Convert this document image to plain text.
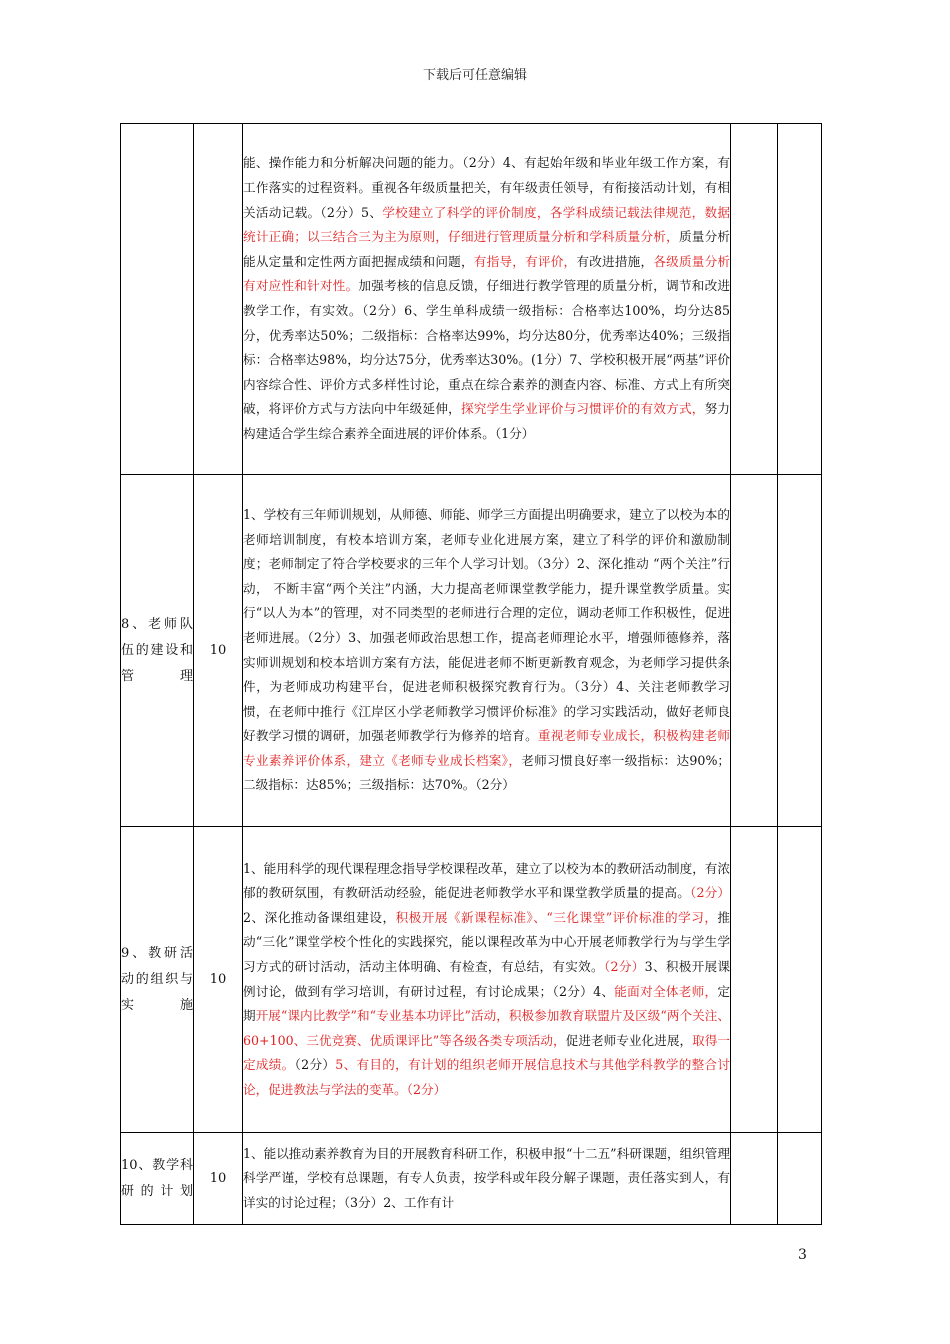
下载后可任意编辑
		能、操作能力和分析解决问题的能力。（2分）4、有起始年级和毕业年级工作方案，有工作落实的过程资料。重视各年级质量把关，有年级责任领导，有衔接活动计划，有相关活动记载。（2分）5、学校建立了科学的评价制度，各学科成绩记载法律规范，数据统计正确；以三结合三为主为原则，仔细进行管理质量分析和学科质量分析，质量分析能从定量和定性两方面把握成绩和问题，有指导，有评价，有改进措施，各级质量分析有对应性和针对性。加强考核的信息反馈，仔细进行教学管理的质量分析，调节和改进教学工作，有实效。（2分）6、学生单科成绩一级指标：合格率达100%，均分达85分，优秀率达50%；二级指标：合格率达99%，均分达80分，优秀率达40%；三级指标：合格率达98%，均分达75分，优秀率达30%。(1分）7、学校积极开展“两基”评价内容综合性、评价方式多样性讨论，重点在综合素养的测查内容、标准、方式上有所突破，将评价方式与方法向中年级延伸，探究学生学业评价与习惯评价的有效方式，努力构建适合学生综合素养全面进展的评价体系。（1分）		
8、老师队伍的建设和管理	10	1、学校有三年师训规划，从师德、师能、师学三方面提出明确要求，建立了以校为本的老师培训制度，有校本培训方案，老师专业化进展方案，建立了科学的评价和激励制度；老师制定了符合学校要求的三年个人学习计划。（3分）2、深化推动 “两个关注”行动， 不断丰富“两个关注”内涵，大力提高老师课堂教学能力，提升课堂教学质量。实行“以人为本”的管理，对不同类型的老师进行合理的定位，调动老师工作积极性，促进老师进展。（2分）3、加强老师政治思想工作，提高老师理论水平，增强师德修养，落实师训规划和校本培训方案有方法，能促进老师不断更新教育观念，为老师学习提供条件，为老师成功构建平台，促进老师积极探究教育行为。（3分）4、关注老师教学习惯，在老师中推行《江岸区小学老师教学习惯评价标准》的学习实践活动，做好老师良好教学习惯的调研，加强老师教学行为修养的培育。重视老师专业成长，积极构建老师专业素养评价体系，建立《老师专业成长档案》，老师习惯良好率一级指标：达90%；二级指标：达85%；三级指标：达70%。（2分）		
9、教研活动的组织与实施	10	1、能用科学的现代课程理念指导学校课程改革，建立了以校为本的教研活动制度，有浓郁的教研氛围，有教研活动经验，能促进老师教学水平和课堂教学质量的提高。（2分）2、深化推动备课组建设，积极开展《新课程标准》、“三化课堂”评价标准的学习，推动“三化”课堂学校个性化的实践探究，能以课程改革为中心开展老师教学行为与学生学习方式的研讨活动，活动主体明确、有检查，有总结，有实效。（2分）3、积极开展课例讨论，做到有学习培训，有研讨过程，有讨论成果；（2分）4、能面对全体老师，定期开展“课内比教学”和“专业基本功评比”活动，积极参加教育联盟片及区级“两个关注、60+100、三优竞赛、优质课评比”等各级各类专项活动，促进老师专业化进展，取得一定成绩。（2分）5、有目的，有计划的组织老师开展信息技术与其他学科教学的整合讨论，促进教法与学法的变革。（2分）		
10、教学科研的计划	10	1、能以推动素养教育为目的开展教育科研工作，积极申报“十二五”科研课题，组织管理科学严谨，学校有总课题，有专人负责，按学科或年段分解子课题，责任落实到人，有详实的讨论过程；（3分）2、工作有计		
3
